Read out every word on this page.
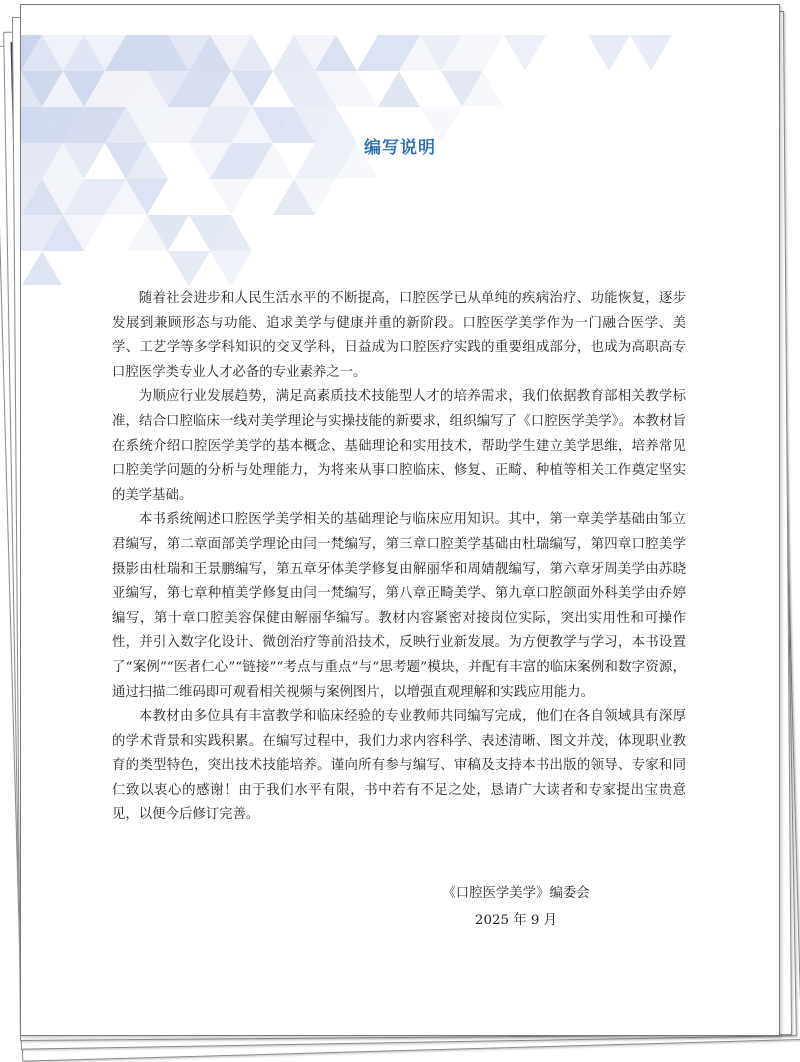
编写说明

随着社会进步和人民生活水平的不断提高，口腔医学已从单纯的疾病治疗、功能恢复，逐步发展到兼顾形态与功能、追求美学与健康并重的新阶段。口腔医学美学作为一门融合医学、美学、工艺学等多学科知识的交叉学科，日益成为口腔医疗实践的重要组成部分，也成为高职高专口腔医学类专业人才必备的专业素养之一。

为顺应行业发展趋势，满足高素质技术技能型人才的培养需求，我们依据教育部相关教学标准，结合口腔临床一线对美学理论与实操技能的新要求，组织编写了《口腔医学美学》。本教材旨在系统介绍口腔医学美学的基本概念、基础理论和实用技术，帮助学生建立美学思维，培养常见口腔美学问题的分析与处理能力，为将来从事口腔临床、修复、正畸、种植等相关工作奠定坚实的美学基础。

本书系统阐述口腔医学美学相关的基础理论与临床应用知识。其中，第一章美学基础由邹立君编写，第二章面部美学理论由闫一梵编写，第三章口腔美学基础由杜瑞编写，第四章口腔美学摄影由杜瑞和王景鹏编写，第五章牙体美学修复由解丽华和周婧靓编写，第六章牙周美学由苏晓亚编写，第七章种植美学修复由闫一梵编写，第八章正畸美学、第九章口腔颌面外科美学由乔婷编写，第十章口腔美容保健由解丽华编写。教材内容紧密对接岗位实际，突出实用性和可操作性，并引入数字化设计、微创治疗等前沿技术，反映行业新发展。为方便教学与学习，本书设置了“案例”“医者仁心”“链接”“考点与重点”与“思考题”模块，并配有丰富的临床案例和数字资源，通过扫描二维码即可观看相关视频与案例图片，以增强直观理解和实践应用能力。

本教材由多位具有丰富教学和临床经验的专业教师共同编写完成，他们在各自领域具有深厚的学术背景和实践积累。在编写过程中，我们力求内容科学、表述清晰、图文并茂，体现职业教育的类型特色，突出技术技能培养。谨向所有参与编写、审稿及支持本书出版的领导、专家和同仁致以衷心的感谢！由于我们水平有限，书中若有不足之处，恳请广大读者和专家提出宝贵意见，以便今后修订完善。

《口腔医学美学》编委会
2025 年 9 月
